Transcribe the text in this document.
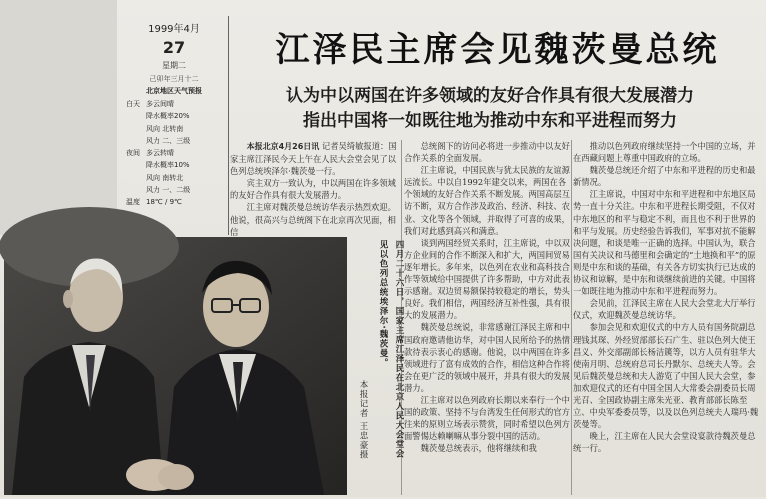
1999年4月
27
星期二
己卯年三月十二
北京地区天气预报
白天 多云间晴
降水概率20%
风向 北转南
风力 二、三级
夜间 多云转晴
降水概率10%
风向 南转北
风力 一、二级
温度 18℃ / 9℃
江泽民主席会见魏茨曼总统
认为中以两国在许多领域的友好合作具有很大发展潜力
指出中国将一如既往地为推动中东和平进程而努力

本报北京4月26日讯 记者吴绮敏报道：国家主席江泽民今天上午在人民大会堂会见了以色列总统埃泽尔·魏茨曼一行。

宾主双方一致认为，中以两国在许多领域的友好合作具有很大发展潜力。

江主席对魏茨曼总统访华表示热烈欢迎。他说，很高兴与总统阁下在北京再次见面，相信

总统阁下的访问必将进一步推动中以友好合作关系的全面发展。

江主席说，中国民族与犹太民族的友谊源远流长。中以自1992年建交以来，两国在各个领域的友好合作关系不断发展。两国高层互访不断，双方合作涉及政治、经济、科技、农业、文化等各个领域，并取得了可喜的成果，我们对此感到高兴和满意。

谈到两国经贸关系时，江主席说，中以双方企业间的合作不断深入和扩大，两国间贸易逐年增长。多年来，以色列在农业和高科技合作等领域给中国提供了许多帮助，中方对此表示感谢。双边贸易额保持较稳定的增长，势头良好。我们相信，两国经济互补性强，具有很大的发展潜力。

魏茨曼总统说，非常感谢江泽民主席和中国政府邀请他访华，对中国人民所给予的热情款待表示衷心的感谢。他说，以中两国在许多领域进行了富有成效的合作，相信这种合作将会在更广泛的领域中展开，并具有很大的发展潜力。

江主席对以色列政府长期以来奉行一个中国的政策、坚持不与台湾发生任何形式的官方往来的原则立场表示赞赏，同时希望以色列方面警惕达赖喇嘛从事分裂中国的活动。

魏茨曼总统表示，他将继续和我

推动以色列政府继续坚持一个中国的立场，并在西藏问题上尊重中国政府的立场。

魏茨曼总统还介绍了中东和平进程的历史和最新情况。

江主席说，中国对中东和平进程和中东地区局势一直十分关注。中东和平进程长期受阻，不仅对中东地区的和平与稳定不利，而且也不利于世界的和平与发展。历史经验告诉我们，军事对抗不能解决问题，和谈是唯一正确的选择。中国认为，联合国有关决议和马德里和会确定的“土地换和平”的原则是中东和谈的基础，有关各方切实执行已达成的协议和谅解，是中东和谈继续前进的关键。中国将一如既往地为推动中东和平进程而努力。

会见前，江泽民主席在人民大会堂北大厅举行仪式，欢迎魏茨曼总统访华。

参加会见和欢迎仪式的中方人员有国务院副总理钱其琛、外经贸部部长石广生、驻以色列大使王昌义、外交部副部长杨洁篪等，以方人员有驻华大使南月明、总统府总司长丹默尔、总统夫人等。会见后魏茨曼总统和夫人游览了中国人民大会堂，参加欢迎仪式的还有中国全国人大常委会副委员长周光召、全国政协副主席朱光亚、教育部部长陈至立、中央军委委员等，以及以色列总统夫人瑞玛·魏茨曼等。

晚上，江主席在人民大会堂设宴款待魏茨曼总统一行。

四月二十六日，国家主席江泽民在北京人民大会堂会
见以色列总统埃泽尔·魏茨曼。
本报记者 王忠豪摄
